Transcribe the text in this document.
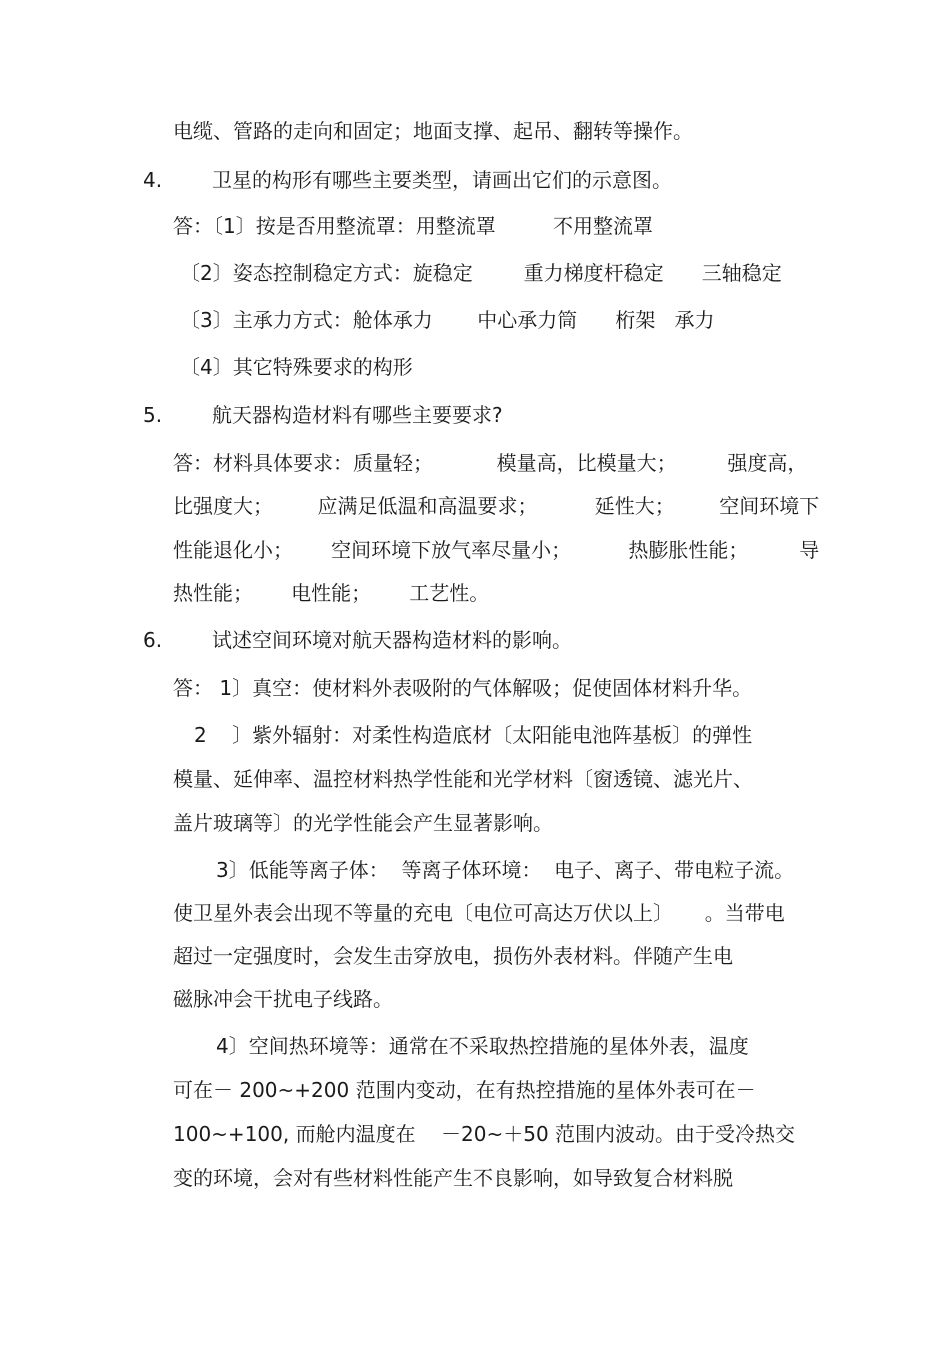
电缆、管路的走向和固定；地面支撑、起吊、翻转等操作。
4. 卫星的构形有哪些主要类型，请画出它们的示意图。
答：〔1〕按是否用整流罩：用整流罩         不用整流罩
〔2〕姿态控制稳定方式：旋稳定        重力梯度杆稳定      三轴稳定
〔3〕主承力方式：舱体承力       中心承力筒      桁架   承力
〔4〕其它特殊要求的构形
5. 航天器构造材料有哪些主要要求?
答：材料具体要求：质量轻；          模量高，比模量大；        强度高，
比强度大；       应满足低温和高温要求；         延性大；       空间环境下
性能退化小；      空间环境下放气率尽量小；         热膨胀性能；        导
热性能；      电性能；      工艺性。
6. 试述空间环境对航天器构造材料的影响。
答： 1〕真空：使材料外表吸附的气体解吸；促使固体材料升华。
2    〕紫外辐射：对柔性构造底材〔太阳能电池阵基板〕的弹性
模量、延伸率、温控材料热学性能和光学材料〔窗透镜、滤光片、
盖片玻璃等〕的光学性能会产生显著影响。
3〕低能等离子体：  等离子体环境：  电子、离子、带电粒子流。
使卫星外表会出现不等量的充电〔电位可高达万伏以上〕     。当带电
超过一定强度时，会发生击穿放电，损伤外表材料。伴随产生电
磁脉冲会干扰电子线路。
4〕空间热环境等：通常在不采取热控措施的星体外表，温度
可在－ 200~+200 范围内变动，在有热控措施的星体外表可在－
100~+100, 而舱内温度在    －20~＋50 范围内波动。由于受冷热交
变的环境，会对有些材料性能产生不良影响，如导致复合材料脱
